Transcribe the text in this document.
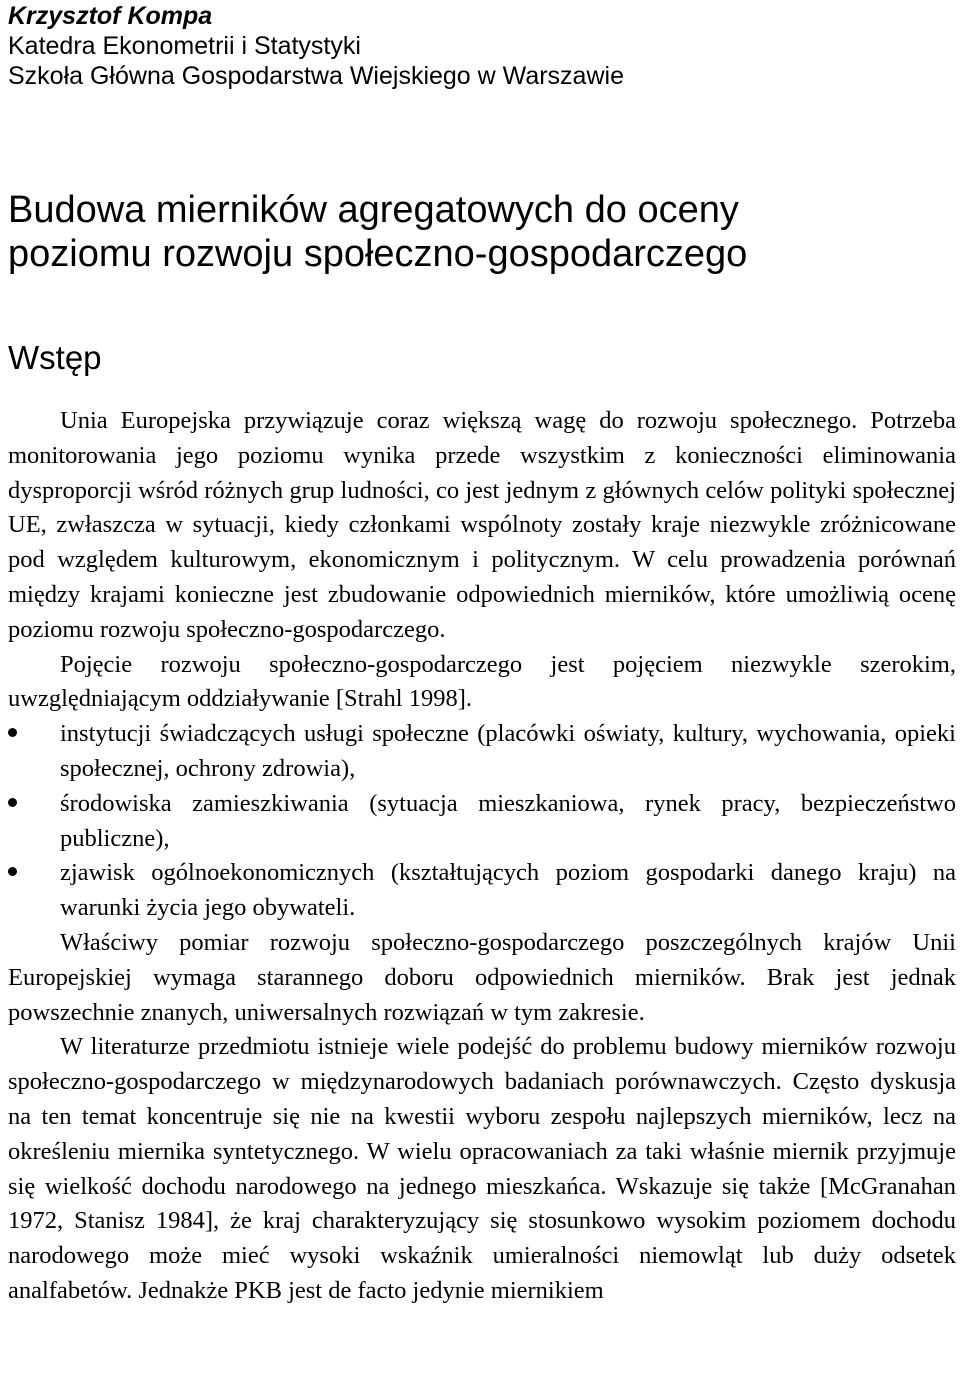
Krzysztof Kompa
Katedra Ekonometrii i Statystyki
Szkoła Główna Gospodarstwa Wiejskiego w Warszawie
Budowa mierników agregatowych do oceny
poziomu rozwoju społeczno-gospodarczego
Wstęp

Unia Europejska przywiązuje coraz większą wagę do rozwoju społecznego. Potrzeba monitorowania jego poziomu wynika przede wszystkim z konieczności eliminowania dysproporcji wśród różnych grup ludności, co jest jednym z głównych celów polityki społecznej UE, zwłaszcza w sytuacji, kiedy członkami wspólnoty zostały kraje niezwykle zróżnicowane pod względem kulturowym, ekonomicznym i politycznym. W celu prowadzenia porównań między krajami konieczne jest zbudowanie odpowiednich mierników, które umożliwią ocenę poziomu rozwoju społeczno-gospodarczego.

Pojęcie rozwoju społeczno-gospodarczego jest pojęciem niezwykle szerokim, uwzględniającym oddziaływanie [Strahl 1998].

instytucji świadczących usługi społeczne (placówki oświaty, kultury, wychowania, opieki społecznej, ochrony zdrowia),
środowiska zamieszkiwania (sytuacja mieszkaniowa, rynek pracy, bezpieczeństwo publiczne),
zjawisk ogólnoekonomicznych (kształtujących poziom gospodarki danego kraju) na warunki życia jego obywateli.

Właściwy pomiar rozwoju społeczno-gospodarczego poszczególnych krajów Unii Europejskiej wymaga starannego doboru odpowiednich mierników. Brak jest jednak powszechnie znanych, uniwersalnych rozwiązań w tym zakresie.

W literaturze przedmiotu istnieje wiele podejść do problemu budowy mierników rozwoju społeczno-gospodarczego w międzynarodowych badaniach porównawczych. Często dyskusja na ten temat koncentruje się nie na kwestii wyboru zespołu najlepszych mierników, lecz na określeniu miernika syntetycznego. W wielu opracowaniach za taki właśnie miernik przyjmuje się wielkość dochodu narodowego na jednego mieszkańca. Wskazuje się także [McGranahan 1972, Stanisz 1984], że kraj charakteryzujący się stosunkowo wysokim poziomem dochodu narodowego może mieć wysoki wskaźnik umieralności niemowląt lub duży odsetek analfabetów. Jednakże PKB jest de facto jedynie miernikiem
